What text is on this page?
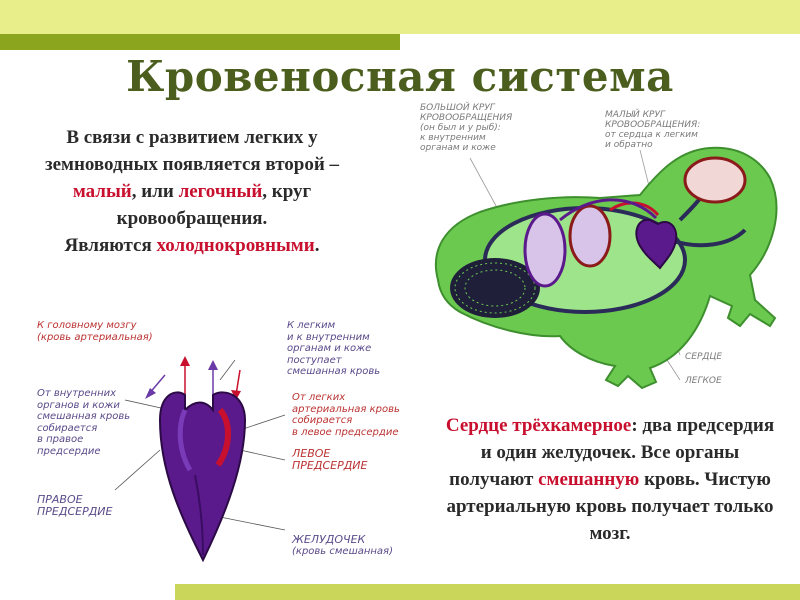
Кровеносная система
В связи с развитием легких у земноводных появляется второй – малый, или легочный, круг кровообращения.
Являются холоднокровными.
БОЛЬШОЙ КРУГ
КРОВООБРАЩЕНИЯ
(он был и у рыб):
к внутренним
органам и коже
МАЛЫЙ КРУГ
КРОВООБРАЩЕНИЯ:
от сердца к легким
и обратно
СЕРДЦЕ
ЛЕГКОЕ
К головному мозгу
(кровь артериальная)
К легким
и к внутренним
органам и коже
поступает
смешанная кровь
От внутренних
органов и кожи
смешанная кровь
собирается
в правое
предсердие
От легких
артериальная кровь
собирается
в левое предсердие
ЛЕВОЕ
ПРЕДСЕРДИЕ
ПРАВОЕ
ПРЕДСЕРДИЕ
ЖЕЛУДОЧЕК
(кровь смешанная)
Сердце трёхкамерное: два предсердия и один желудочек. Все органы получают смешанную кровь. Чистую артериальную кровь получает только мозг.
